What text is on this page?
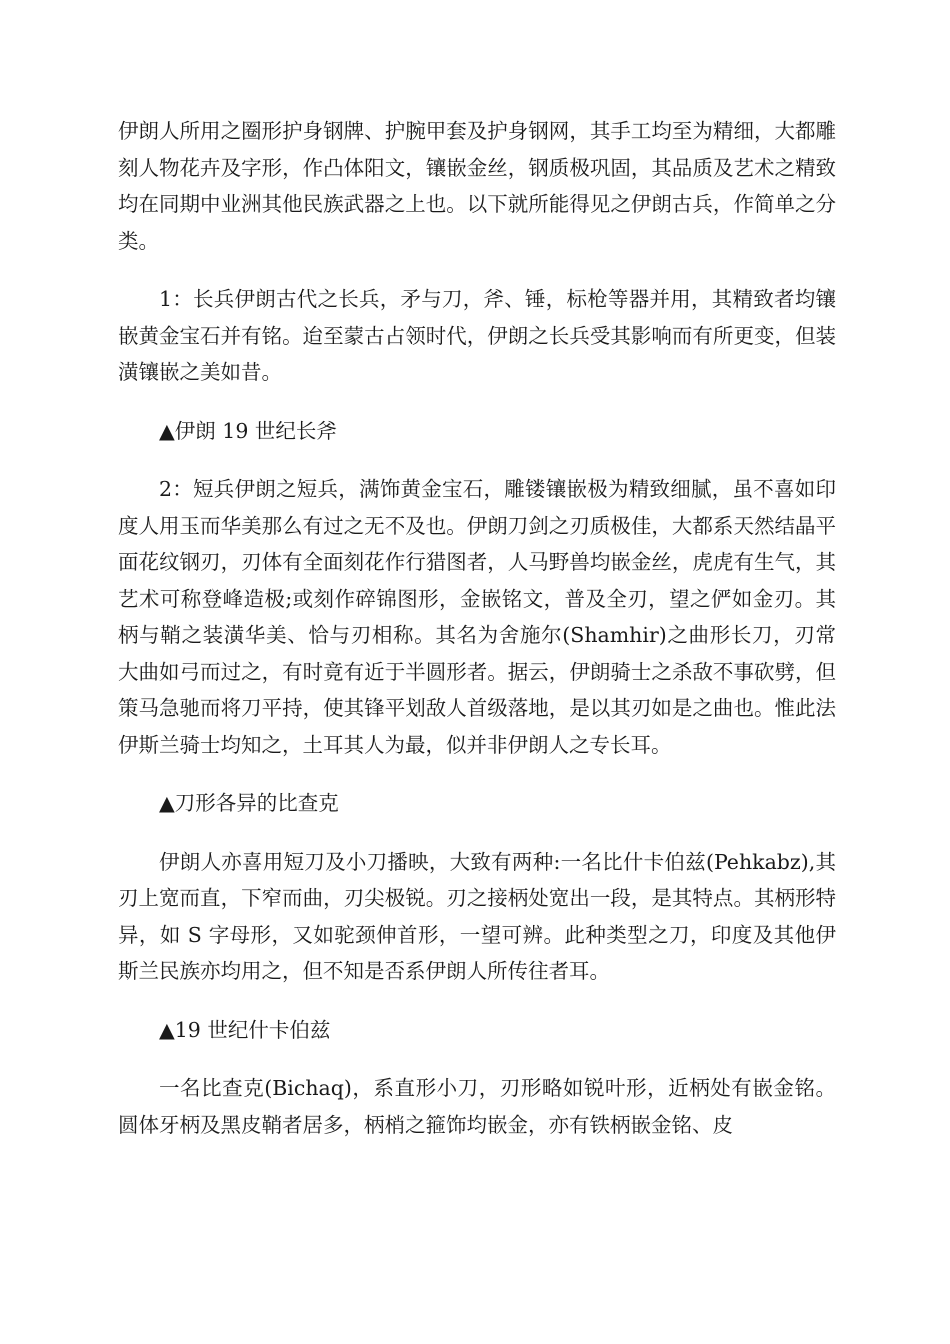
伊朗人所用之圈形护身钢牌、护腕甲套及护身钢网，其手工均至为精细，大都雕刻人物花卉及字形，作凸体阳文，镶嵌金丝，钢质极巩固，其品质及艺术之精致均在同期中业洲其他民族武器之上也。以下就所能得见之伊朗古兵，作简单之分类。

1：长兵伊朗古代之长兵，矛与刀，斧、锤，标枪等器并用，其精致者均镶嵌黄金宝石并有铭。迨至蒙古占领时代，伊朗之长兵受其影响而有所更变，但装潢镶嵌之美如昔。

▲伊朗 19 世纪长斧

2：短兵伊朗之短兵，满饰黄金宝石，雕镂镶嵌极为精致细腻，虽不喜如印度人用玉而华美那么有过之无不及也。伊朗刀剑之刃质极佳，大都系天然结晶平面花纹钢刃，刃体有全面刻花作行猎图者，人马野兽均嵌金丝，虎虎有生气，其艺术可称登峰造极;或刻作碎锦图形，金嵌铭文，普及全刃，望之俨如金刃。其柄与鞘之装潢华美、恰与刃相称。其名为舍施尔(Shamhir)之曲形长刀，刃常大曲如弓而过之，有时竟有近于半圆形者。据云，伊朗骑士之杀敌不事砍劈，但策马急驰而将刀平持，使其锋平划敌人首级落地，是以其刃如是之曲也。惟此法伊斯兰骑士均知之，土耳其人为最，似并非伊朗人之专长耳。

▲刀形各异的比查克

伊朗人亦喜用短刀及小刀播映，大致有两种:一名比什卡伯兹(Pehkabz),其刃上宽而直，下窄而曲，刃尖极锐。刃之接柄处宽出一段，是其特点。其柄形特异，如 S 字母形，又如驼颈伸首形，一望可辨。此种类型之刀，印度及其他伊斯兰民族亦均用之，但不知是否系伊朗人所传往者耳。

▲19 世纪什卡伯兹

一名比查克(Bichaq)，系直形小刀，刃形略如锐叶形，近柄处有嵌金铭。圆体牙柄及黑皮鞘者居多，柄梢之箍饰均嵌金，亦有铁柄嵌金铭、皮
